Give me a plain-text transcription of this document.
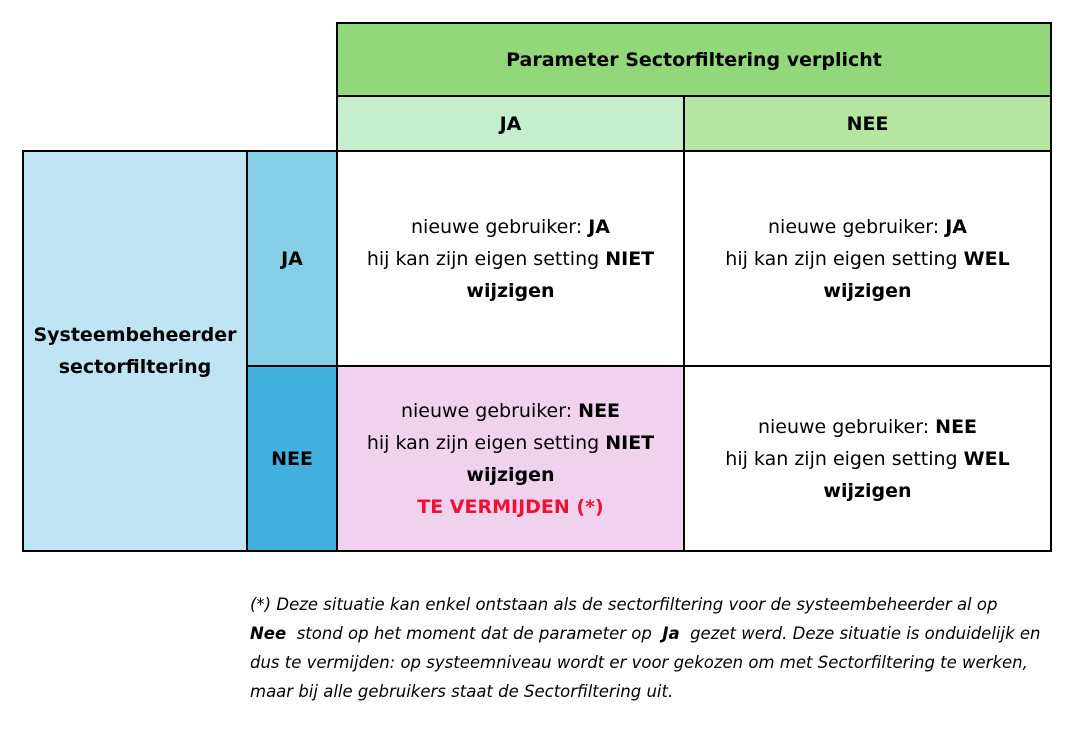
Parameter Sectorfiltering verplicht
JA	NEE
Systeembeheerder
sectorfiltering
JA
NEE
nieuwe gebruiker: JA
hij kan zijn eigen setting NIET
wijzigen
nieuwe gebruiker: JA
hij kan zijn eigen setting WEL
wijzigen
nieuwe gebruiker: NEE
hij kan zijn eigen setting NIET
wijzigen
TE VERMIJDEN (*)
nieuwe gebruiker: NEE
hij kan zijn eigen setting WEL
wijzigen
(*) Deze situatie kan enkel ontstaan als de sectorfiltering voor de systeembeheerder al op
Nee  stond op het moment dat de parameter op  Ja  gezet werd. Deze situatie is onduidelijk en dus te vermijden: op systeemniveau wordt er voor gekozen om met Sectorfiltering te werken, maar bij alle gebruikers staat de Sectorfiltering uit.
